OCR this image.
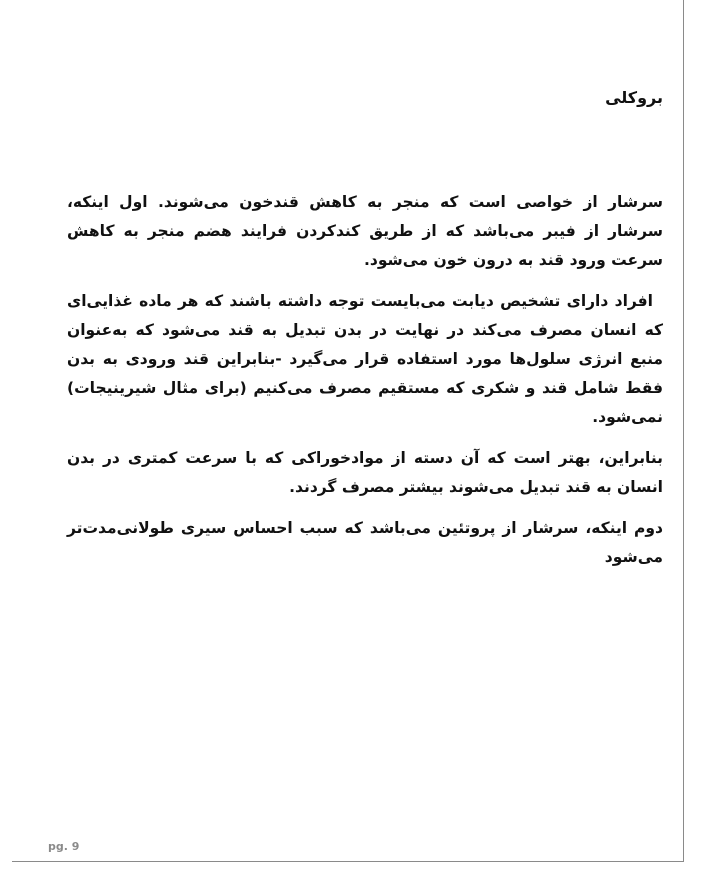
بروکلی

سرشار از خواصی است که منجر به کاهش قندخون می‌شوند. اول اینکه، سرشار از فیبر می‌باشد که از طریق کندکردن فرایند هضم منجر به کاهش سرعت ورود قند به درون خون می‌شود.

افراد دارای تشخیص دیابت می‌بایست توجه داشته باشند که هر ماده غذایی‌ای که انسان مصرف می‌کند در نهایت در بدن تبدیل به قند می‌شود که به‌عنوان منبع انرژی سلول‌ها مورد استفاده قرار می‌گیرد -بنابراین قند ورودی به بدن فقط شامل قند و شکری که مستقیم مصرف می‌کنیم (برای مثال شیرینیجات) نمی‌شود.

بنابراین، بهتر است که آن دسته از موادخوراکی که با سرعت کمتری در بدن انسان به قند تبدیل می‌شوند بیشتر مصرف گردند.

دوم اینکه، سرشار از پروتئین می‌باشد که سبب احساس سیری طولانی‌مدت‌تر می‌شود

pg. 9
